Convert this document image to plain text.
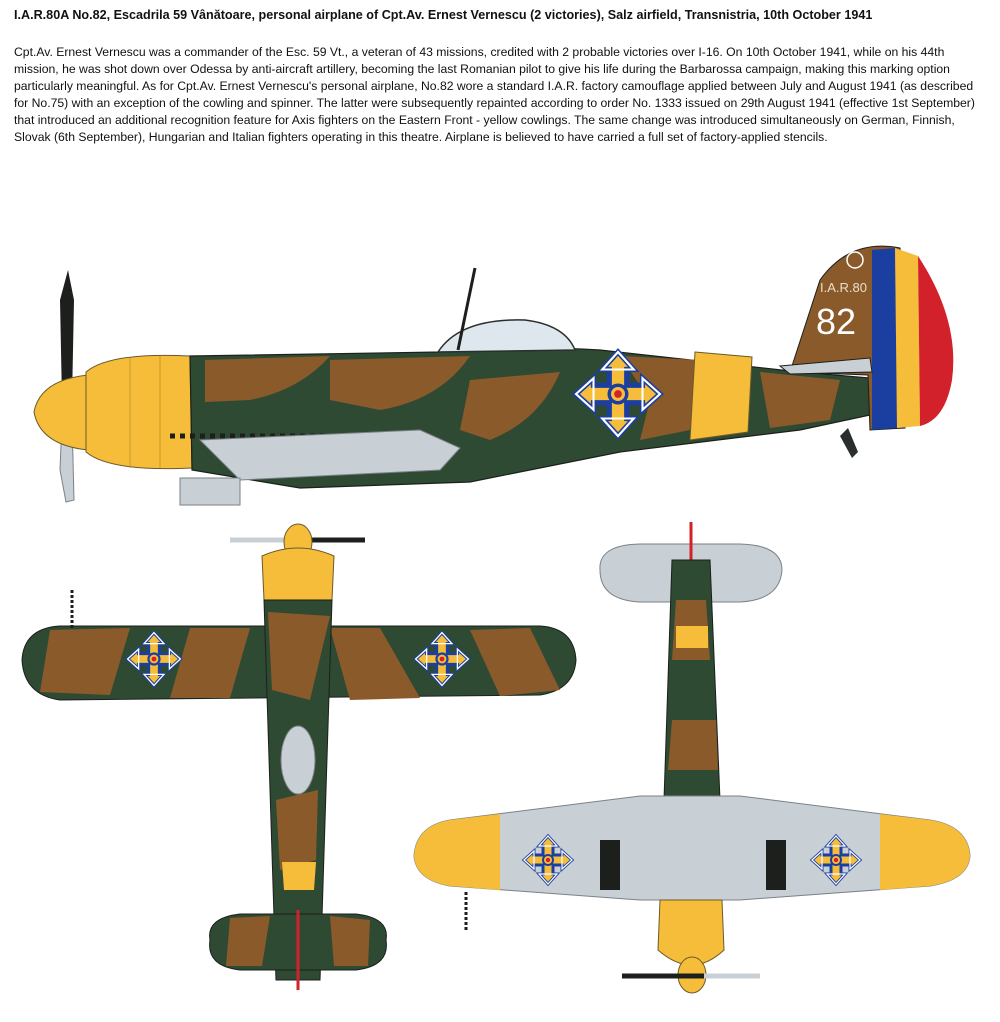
I.A.R.80A No.82, Escadrila 59 Vânătoare, personal airplane of Cpt.Av. Ernest Vernescu (2 victories), Salz airfield, Transnistria, 10th October 1941
Cpt.Av. Ernest Vernescu was a commander of the Esc. 59 Vt., a veteran of 43 missions, credited with 2 probable victories over I-16. On 10th October 1941, while on his 44th mission, he was shot down over Odessa by anti-aircraft artillery, becoming the last Romanian pilot to give his life during the Barbarossa campaign, making this marking option particularly meaningful. As for Cpt.Av. Ernest Vernescu's personal airplane, No.82 wore a standard I.A.R. factory camouflage applied between July and August 1941 (as described for No.75) with an exception of the cowling and spinner. The latter were subsequently repainted according to order No. 1333 issued on 29th August 1941 (effective 1st September) that introduced an additional recognition feature for Axis fighters on the Eastern Front - yellow cowlings. The same change was introduced simultaneously on German, Finnish, Slovak (6th September), Hungarian and Italian fighters operating in this theatre. Airplane is believed to have carried a full set of factory-applied stencils.
I.A.R.80
82
